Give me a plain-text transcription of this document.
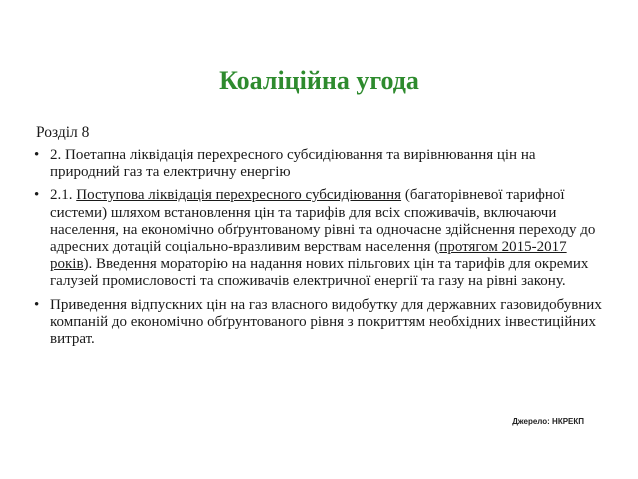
Коаліційна угода
Розділ 8
• 2. Поетапна ліквідація перехресного субсидіювання та вирівнювання цін на природний газ та електричну енергію
• 2.1. Поступова ліквідація перехресного субсидіювання (багаторівневої тарифної системи) шляхом встановлення цін та тарифів для всіх споживачів, включаючи населення, на економічно обґрунтованому рівні та одночасне здійснення переходу до адресних дотацій соціально-вразливим верствам населення (протягом 2015-2017 років). Введення мораторію на надання нових пільгових цін та тарифів для окремих галузей промисловості та споживачів електричної енергії та газу на рівні закону.
• Приведення відпускних цін на газ власного видобутку для державних газовидобувних компаній до економічно обґрунтованого рівня з покриттям необхідних інвестиційних витрат.
Джерело: НКРЕКП
